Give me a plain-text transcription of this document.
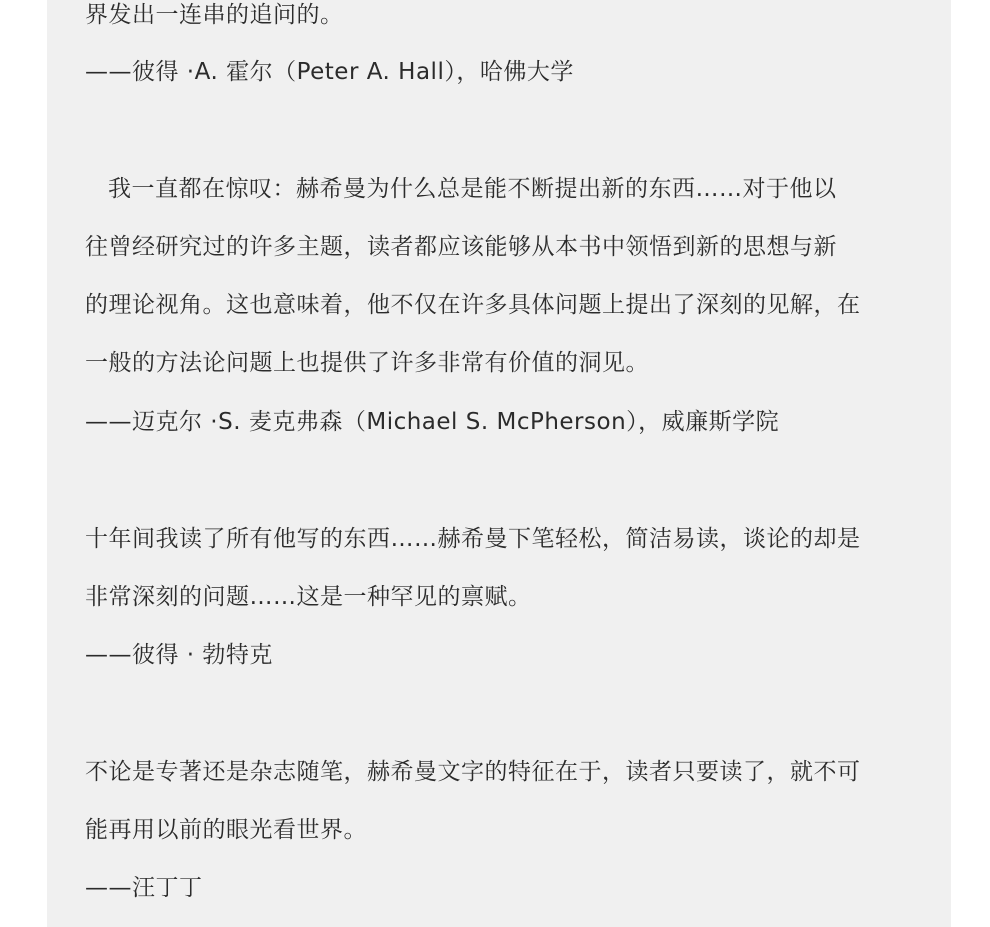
界发出一连串的追问的。
——彼得 ·A. 霍尔（Peter A. Hall），哈佛大学
我一直都在惊叹：赫希曼为什么总是能不断提出新的东西……对于他以
往曾经研究过的许多主题，读者都应该能够从本书中领悟到新的思想与新
的理论视角。这也意味着，他不仅在许多具体问题上提出了深刻的见解，在
一般的方法论问题上也提供了许多非常有价值的洞见。
——迈克尔 ·S. 麦克弗森（Michael S. McPherson），威廉斯学院
十年间我读了所有他写的东西……赫希曼下笔轻松，简洁易读，谈论的却是
非常深刻的问题……这是一种罕见的禀赋。
——彼得 · 勃特克
不论是专著还是杂志随笔，赫希曼文字的特征在于，读者只要读了，就不可
能再用以前的眼光看世界。
——汪丁丁
